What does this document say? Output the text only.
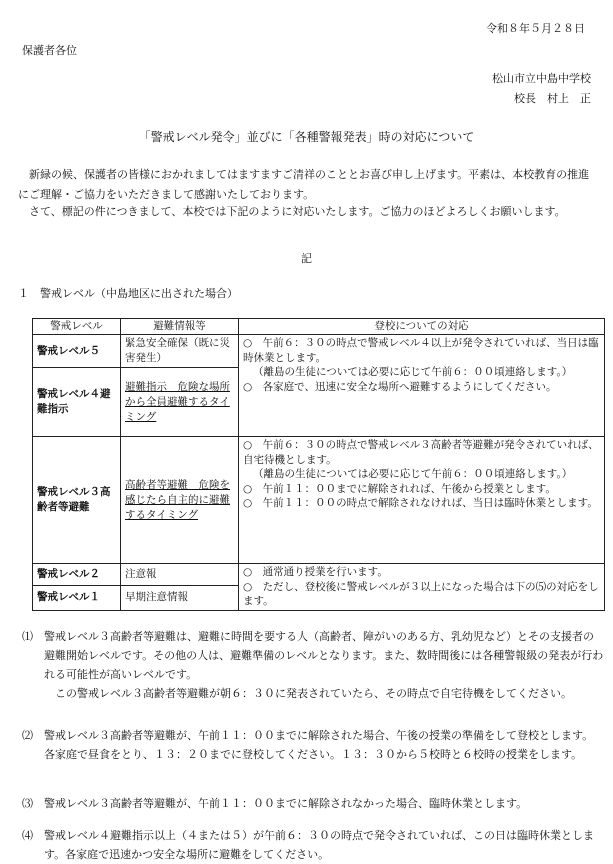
令和８年５月２８日
保護者各位
松山市立中島中学校
校長　村上　正
「警戒レベル発令」並びに「各種警報発表」時の対応について
新緑の候、保護者の皆様におかれましてはますますご清祥のこととお喜び申し上げます。平素は、本校教育の推進にご理解・ご協力をいただきまして感謝いたしております。
さて、標記の件につきまして、本校では下記のように対応いたします。ご協力のほどよろしくお願いします。
記
１　警戒レベル（中島地区に出された場合）
警戒レベル	避難情報等	登校についての対応
警戒レベル５	緊急安全確保（既に災害発生）	○　午前６：３０の時点で警戒レベル４以上が発令されていれば、当日は臨時休業とします。
（離島の生徒については必要に応じて午前６：００頃連絡します。）
○　各家庭で、迅速に安全な場所へ避難するようにしてください。

警戒レベル４避難指示	避難指示　危険な場所から全員避難するタイミング	
警戒レベル３高齢者等避難	高齢者等避難　危険を感じたら自主的に避難するタイミング	○　午前６：３０の時点で警戒レベル３高齢者等避難が発令されていれば、自宅待機とします。
（離島の生徒については必要に応じて午前６：００頃連絡します。）
○　午前１１：００までに解除されれば、午後から授業とします。
○　午前１１：００の時点で解除されなければ、当日は臨時休業とします。

警戒レベル２	注意報	○　通常通り授業を行います。
○　ただし、登校後に警戒レベルが３以上になった場合は下の⑸の対応をします。

警戒レベル１	早期注意情報	
⑴ 警戒レベル３高齢者等避難は、避難に時間を要する人（高齢者、障がいのある方、乳幼児など）とその支援者の避難開始レベルです。その他の人は、避難準備のレベルとなります。また、数時間後には各種警報級の発表が行われる可能性が高いレベルです。
この警戒レベル３高齢者等避難が朝６：３０に発表されていたら、その時点で自宅待機をしてください。
⑵ 警戒レベル３高齢者等避難が、午前１１：００までに解除された場合、午後の授業の準備をして登校とします。各家庭で昼食をとり、１３：２０までに登校してください。１３：３０から５校時と６校時の授業をします。
⑶ 警戒レベル３高齢者等避難が、午前１１：００までに解除されなかった場合、臨時休業とします。
⑷ 警戒レベル４避難指示以上（４または５）が午前６：３０の時点で発令されていれば、この日は臨時休業とします。各家庭で迅速かつ安全な場所に避難をしてください。
